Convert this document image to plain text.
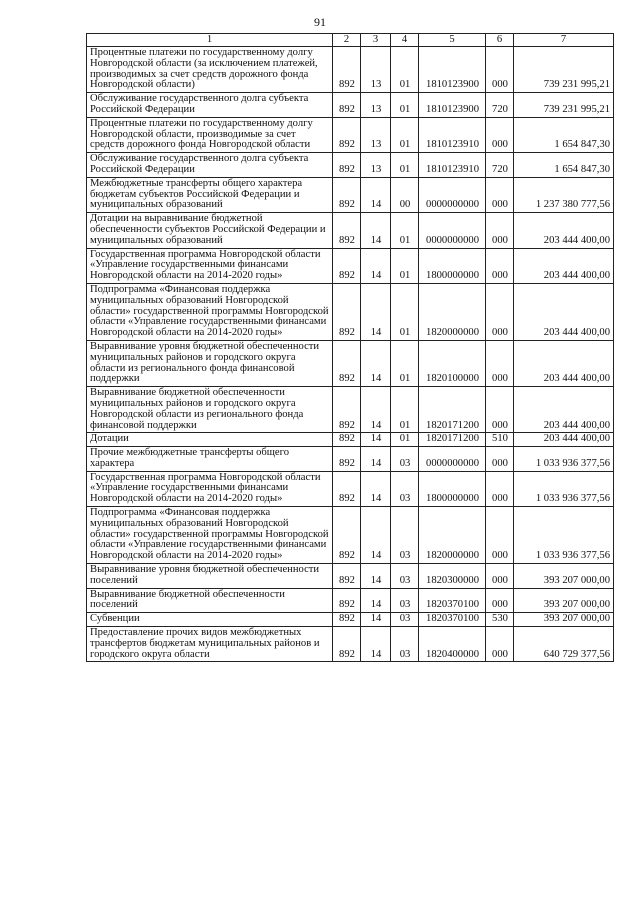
91
1	2	3	4	5	6	7
Процентные платежи по государственному долгу Новгородской области (за исключением платежей, производимых за счет средств дорожного фонда Новгородской области)	892	13	01	1810123900	000	739 231 995,21
Обслуживание государственного долга субъекта Российской Федерации	892	13	01	1810123900	720	739 231 995,21
Процентные платежи по государственному долгу Новгородской области, производимые за счет средств дорожного фонда Новгородской области	892	13	01	1810123910	000	1 654 847,30
Обслуживание государственного долга субъекта Российской Федерации	892	13	01	1810123910	720	1 654 847,30
Межбюджетные трансферты общего характера бюджетам субъектов Российской Федерации и муниципальных образований	892	14	00	0000000000	000	1 237 380 777,56
Дотации на выравнивание бюджетной обеспеченности субъектов Российской Федерации и муниципальных образований	892	14	01	0000000000	000	203 444 400,00
Государственная программа Новгородской области «Управление государственными финансами Новгородской области на 2014-2020 годы»	892	14	01	1800000000	000	203 444 400,00
Подпрограмма «Финансовая поддержка муниципальных образований Новгородской области» государственной программы Новгородской области «Управление государственными финансами Новгородской области на 2014-2020 годы»	892	14	01	1820000000	000	203 444 400,00
Выравнивание уровня бюджетной обеспеченности муниципальных районов и городского округа области из регионального фонда финансовой поддержки	892	14	01	1820100000	000	203 444 400,00
Выравнивание бюджетной обеспеченности муниципальных районов и городского округа Новгородской области из регионального фонда финансовой поддержки	892	14	01	1820171200	000	203 444 400,00
Дотации	892	14	01	1820171200	510	203 444 400,00
Прочие межбюджетные трансферты общего характера	892	14	03	0000000000	000	1 033 936 377,56
Государственная программа Новгородской области «Управление государственными финансами Новгородской области на 2014-2020 годы»	892	14	03	1800000000	000	1 033 936 377,56
Подпрограмма «Финансовая поддержка муниципальных образований Новгородской области» государственной программы Новгородской области «Управление государственными финансами Новгородской области на 2014-2020 годы»	892	14	03	1820000000	000	1 033 936 377,56
Выравнивание уровня бюджетной обеспеченности поселений	892	14	03	1820300000	000	393 207 000,00
Выравнивание бюджетной обеспеченности поселений	892	14	03	1820370100	000	393 207 000,00
Субвенции	892	14	03	1820370100	530	393 207 000,00
Предоставление прочих видов межбюджетных трансфертов бюджетам муниципальных районов и городского округа области	892	14	03	1820400000	000	640 729 377,56
